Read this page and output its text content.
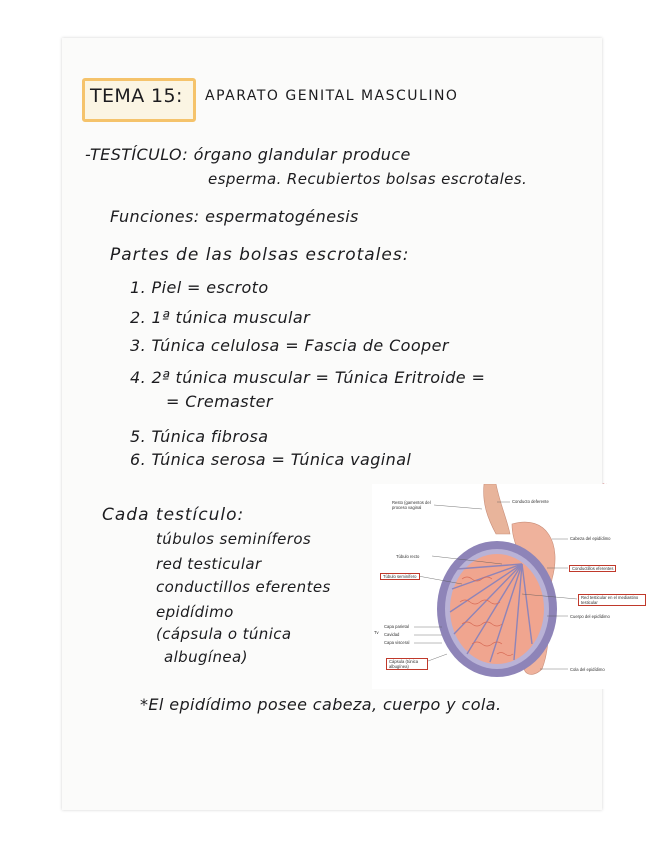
TEMA 15: APARATO GENITAL MASCULINO
-TESTÍCULO: órgano glandular produce
esperma. Recubiertos bolsas escrotales.
Funciones: espermatogénesis
Partes de las bolsas escrotales:
1. Piel = escroto
2. 1ª túnica muscular
3. Túnica celulosa = Fascia de Cooper
4. 2ª túnica muscular = Túnica Eritroide =
= Cremaster
5. Túnica fibrosa
6. Túnica serosa = Túnica vaginal
Cada testículo:
túbulos seminíferos
red testicular
conductillos eferentes
epidídimo
(cápsula o túnica
albugínea)
*El epidídimo posee cabeza, cuerpo y cola.
Resto (gamentos del proceso vaginal
Conducto deferente
Cabeza del epidídimo
Túbulo recto
Túbulo seminífero
Conductillos eferentes
Red testicular en el mediastino testicular
Cuerpo del epidídimo
Tv
Capa parietal
Cavidad
Capa visceral
Cápsula (túnica albugínea)
Cola del epidídimo
